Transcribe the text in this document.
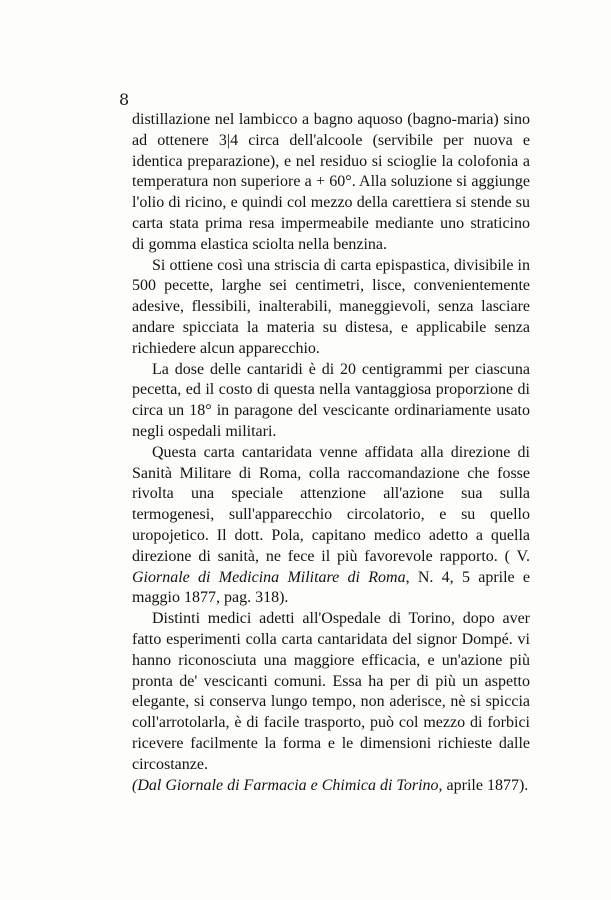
8

distillazione nel lambicco a bagno aquoso (bagno-maria) sino ad ottenere 3|4 circa dell'alcoole (servibile per nuova e identica preparazione), e nel residuo si scioglie la colofonia a temperatura non superiore a + 60°. Alla soluzione si aggiunge l'olio di ricino, e quindi col mezzo della carettiera si stende su carta stata prima resa impermeabile mediante uno straticino di gomma elastica sciolta nella benzina.

Si ottiene così una striscia di carta epispastica, divisibile in 500 pecette, larghe sei centimetri, lisce, convenientemente adesive, flessibili, inalterabili, maneggievoli, senza lasciare andare spicciata la materia su distesa, e applicabile senza richiedere alcun apparecchio.

La dose delle cantaridi è di 20 centigrammi per ciascuna pecetta, ed il costo di questa nella vantaggiosa proporzione di circa un 18° in paragone del vescicante ordinariamente usato negli ospedali militari.

Questa carta cantaridata venne affidata alla direzione di Sanità Militare di Roma, colla raccomandazione che fosse rivolta una speciale attenzione all'azione sua sulla termogenesi, sull'apparecchio circolatorio, e su quello uropojetico. Il dott. Pola, capitano medico adetto a quella direzione di sanità, ne fece il più favorevole rapporto. ( V. Giornale di Medicina Militare di Roma, N. 4, 5 aprile e maggio 1877, pag. 318).

Distinti medici adetti all'Ospedale di Torino, dopo aver fatto esperimenti colla carta cantaridata del signor Dompé. vi hanno riconosciuta una maggiore efficacia, e un'azione più pronta de' vescicanti comuni. Essa ha per di più un aspetto elegante, si conserva lungo tempo, non aderisce, nè si spiccia coll'arrotolarla, è di facile trasporto, può col mezzo di forbici ricevere facilmente la forma e le dimensioni richieste dalle circostanze.

(Dal Giornale di Farmacia e Chimica di Torino, aprile 1877).
